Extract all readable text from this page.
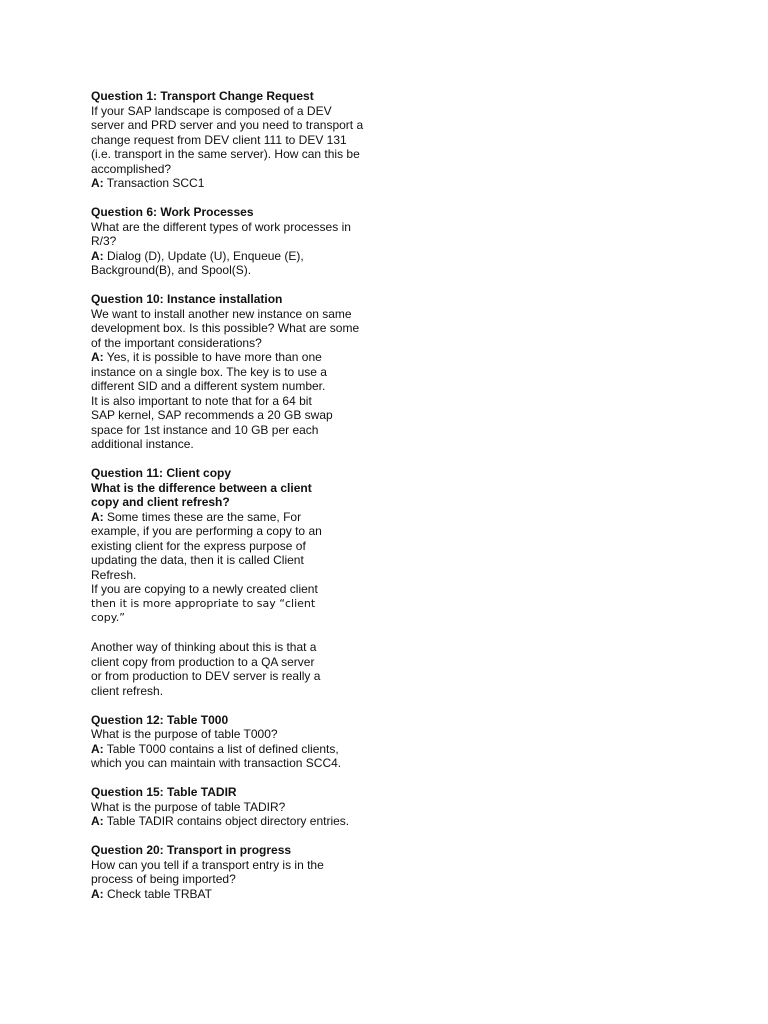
Question 1: Transport Change Request
If your SAP landscape is composed of a DEV
server and PRD server and you need to transport a
change request from DEV client 111 to DEV 131
(i.e. transport in the same server). How can this be
accomplished?
A: Transaction SCC1
Question 6: Work Processes
What are the different types of work processes in
R/3?
A: Dialog (D), Update (U), Enqueue (E),
Background(B), and Spool(S).
Question 10: Instance installation
We want to install another new instance on same
development box. Is this possible? What are some
of the important considerations?
A: Yes, it is possible to have more than one
instance on a single box. The key is to use a
different SID and a different system number.
It is also important to note that for a 64 bit
SAP kernel, SAP recommends a 20 GB swap
space for 1st instance and 10 GB per each
additional instance.
Question 11: Client copy
What is the difference between a client
copy and client refresh?
A: Some times these are the same, For
example, if you are performing a copy to an
existing client for the express purpose of
updating the data, then it is called Client
Refresh.
If you are copying to a newly created client
then it is more appropriate to say “client
copy.”
Another way of thinking about this is that a
client copy from production to a QA server
or from production to DEV server is really a
client refresh.
Question 12: Table T000
What is the purpose of table T000?
A: Table T000 contains a list of defined clients,
which you can maintain with transaction SCC4.
Question 15: Table TADIR
What is the purpose of table TADIR?
A: Table TADIR contains object directory entries.
Question 20: Transport in progress
How can you tell if a transport entry is in the
process of being imported?
A: Check table TRBAT
